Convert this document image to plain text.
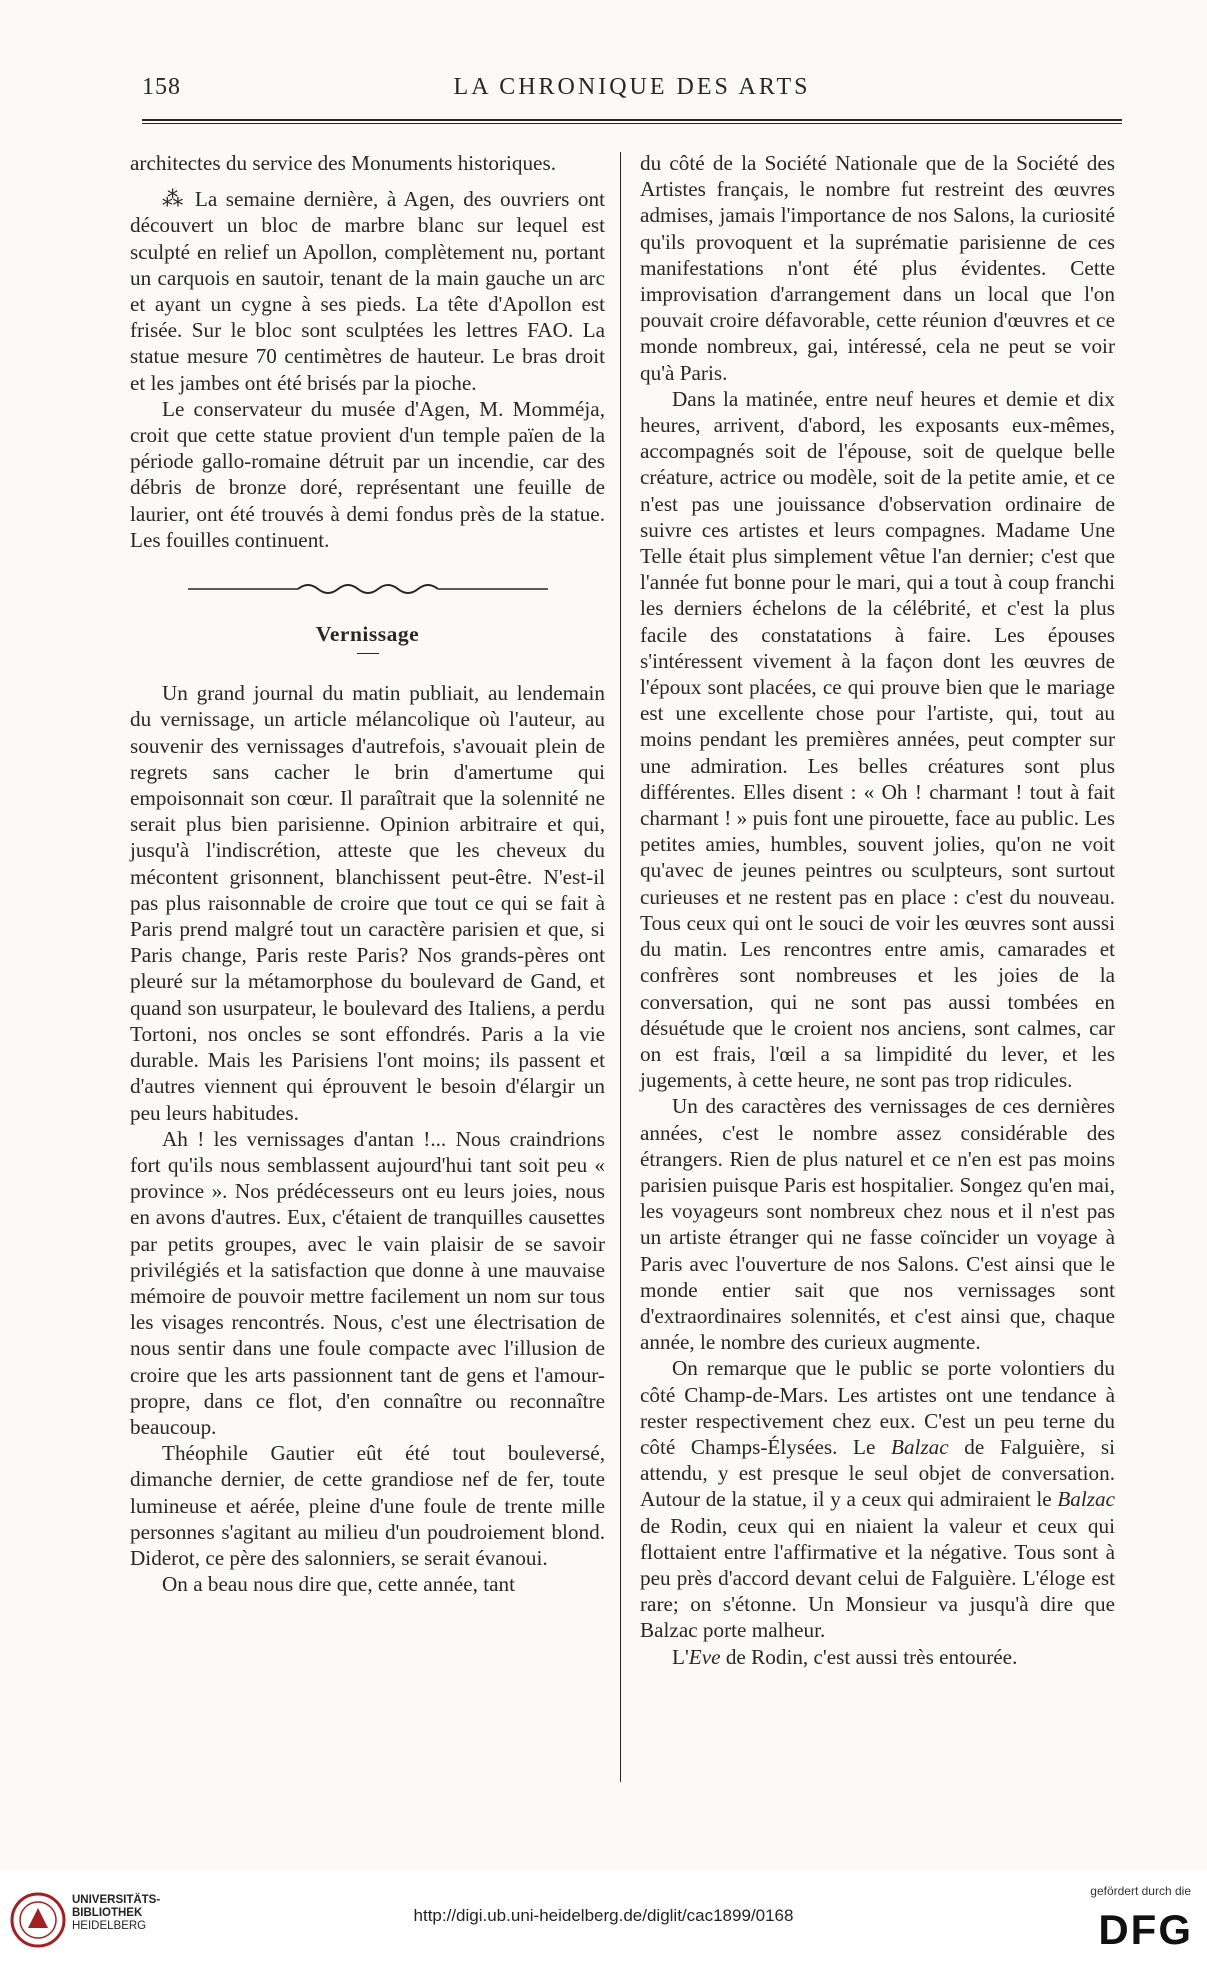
158	LA CHRONIQUE DES ARTS

architectes du service des Monuments historiques.

⁂ La semaine dernière, à Agen, des ouvriers ont découvert un bloc de marbre blanc sur lequel est sculpté en relief un Apollon, complètement nu, portant un carquois en sautoir, tenant de la main gauche un arc et ayant un cygne à ses pieds. La tête d'Apollon est frisée. Sur le bloc sont sculptées les lettres FAO. La statue mesure 70 centimètres de hauteur. Le bras droit et les jambes ont été brisés par la pioche.

Le conservateur du musée d'Agen, M. Momméja, croit que cette statue provient d'un temple païen de la période gallo-romaine détruit par un incendie, car des débris de bronze doré, représentant une feuille de laurier, ont été trouvés à demi fondus près de la statue. Les fouilles continuent.

Vernissage

Un grand journal du matin publiait, au lendemain du vernissage, un article mélancolique où l'auteur, au souvenir des vernissages d'autrefois, s'avouait plein de regrets sans cacher le brin d'amertume qui empoisonnait son cœur. Il paraîtrait que la solennité ne serait plus bien parisienne. Opinion arbitraire et qui, jusqu'à l'indiscrétion, atteste que les cheveux du mécontent grisonnent, blanchissent peut-être. N'est-il pas plus raisonnable de croire que tout ce qui se fait à Paris prend malgré tout un caractère parisien et que, si Paris change, Paris reste Paris? Nos grands-pères ont pleuré sur la métamorphose du boulevard de Gand, et quand son usurpateur, le boulevard des Italiens, a perdu Tortoni, nos oncles se sont effondrés. Paris a la vie durable. Mais les Parisiens l'ont moins; ils passent et d'autres viennent qui éprouvent le besoin d'élargir un peu leurs habitudes.

Ah ! les vernissages d'antan !... Nous craindrions fort qu'ils nous semblassent aujourd'hui tant soit peu « province ». Nos prédécesseurs ont eu leurs joies, nous en avons d'autres. Eux, c'étaient de tranquilles causettes par petits groupes, avec le vain plaisir de se savoir privilégiés et la satisfaction que donne à une mauvaise mémoire de pouvoir mettre facilement un nom sur tous les visages rencontrés. Nous, c'est une électrisation de nous sentir dans une foule compacte avec l'illusion de croire que les arts passionnent tant de gens et l'amour-propre, dans ce flot, d'en connaître ou reconnaître beaucoup.

Théophile Gautier eût été tout bouleversé, dimanche dernier, de cette grandiose nef de fer, toute lumineuse et aérée, pleine d'une foule de trente mille personnes s'agitant au milieu d'un poudroiement blond. Diderot, ce père des salonniers, se serait évanoui.

On a beau nous dire que, cette année, tant

du côté de la Société Nationale que de la Société des Artistes français, le nombre fut restreint des œuvres admises, jamais l'importance de nos Salons, la curiosité qu'ils provoquent et la suprématie parisienne de ces manifestations n'ont été plus évidentes. Cette improvisation d'arrangement dans un local que l'on pouvait croire défavorable, cette réunion d'œuvres et ce monde nombreux, gai, intéressé, cela ne peut se voir qu'à Paris.

Dans la matinée, entre neuf heures et demie et dix heures, arrivent, d'abord, les exposants eux-mêmes, accompagnés soit de l'épouse, soit de quelque belle créature, actrice ou modèle, soit de la petite amie, et ce n'est pas une jouissance d'observation ordinaire de suivre ces artistes et leurs compagnes. Madame Une Telle était plus simplement vêtue l'an dernier; c'est que l'année fut bonne pour le mari, qui a tout à coup franchi les derniers échelons de la célébrité, et c'est la plus facile des constatations à faire. Les épouses s'intéressent vivement à la façon dont les œuvres de l'époux sont placées, ce qui prouve bien que le mariage est une excellente chose pour l'artiste, qui, tout au moins pendant les premières années, peut compter sur une admiration. Les belles créatures sont plus différentes. Elles disent : « Oh ! charmant ! tout à fait charmant ! » puis font une pirouette, face au public. Les petites amies, humbles, souvent jolies, qu'on ne voit qu'avec de jeunes peintres ou sculpteurs, sont surtout curieuses et ne restent pas en place : c'est du nouveau. Tous ceux qui ont le souci de voir les œuvres sont aussi du matin. Les rencontres entre amis, camarades et confrères sont nombreuses et les joies de la conversation, qui ne sont pas aussi tombées en désuétude que le croient nos anciens, sont calmes, car on est frais, l'œil a sa limpidité du lever, et les jugements, à cette heure, ne sont pas trop ridicules.

Un des caractères des vernissages de ces dernières années, c'est le nombre assez considérable des étrangers. Rien de plus naturel et ce n'en est pas moins parisien puisque Paris est hospitalier. Songez qu'en mai, les voyageurs sont nombreux chez nous et il n'est pas un artiste étranger qui ne fasse coïncider un voyage à Paris avec l'ouverture de nos Salons. C'est ainsi que le monde entier sait que nos vernissages sont d'extraordinaires solennités, et c'est ainsi que, chaque année, le nombre des curieux augmente.

On remarque que le public se porte volontiers du côté Champ-de-Mars. Les artistes ont une tendance à rester respectivement chez eux. C'est un peu terne du côté Champs-Élysées. Le Balzac de Falguière, si attendu, y est presque le seul objet de conversation. Autour de la statue, il y a ceux qui admiraient le Balzac de Rodin, ceux qui en niaient la valeur et ceux qui flottaient entre l'affirmative et la négative. Tous sont à peu près d'accord devant celui de Falguière. L'éloge est rare; on s'étonne. Un Monsieur va jusqu'à dire que Balzac porte malheur.

L'Eve de Rodin, c'est aussi très entourée.

UNIVERSITÄTS-
BIBLIOTHEK
HEIDELBERG
http://digi.ub.uni-heidelberg.de/diglit/cac1899/0168
gefördert durch die
DFG
